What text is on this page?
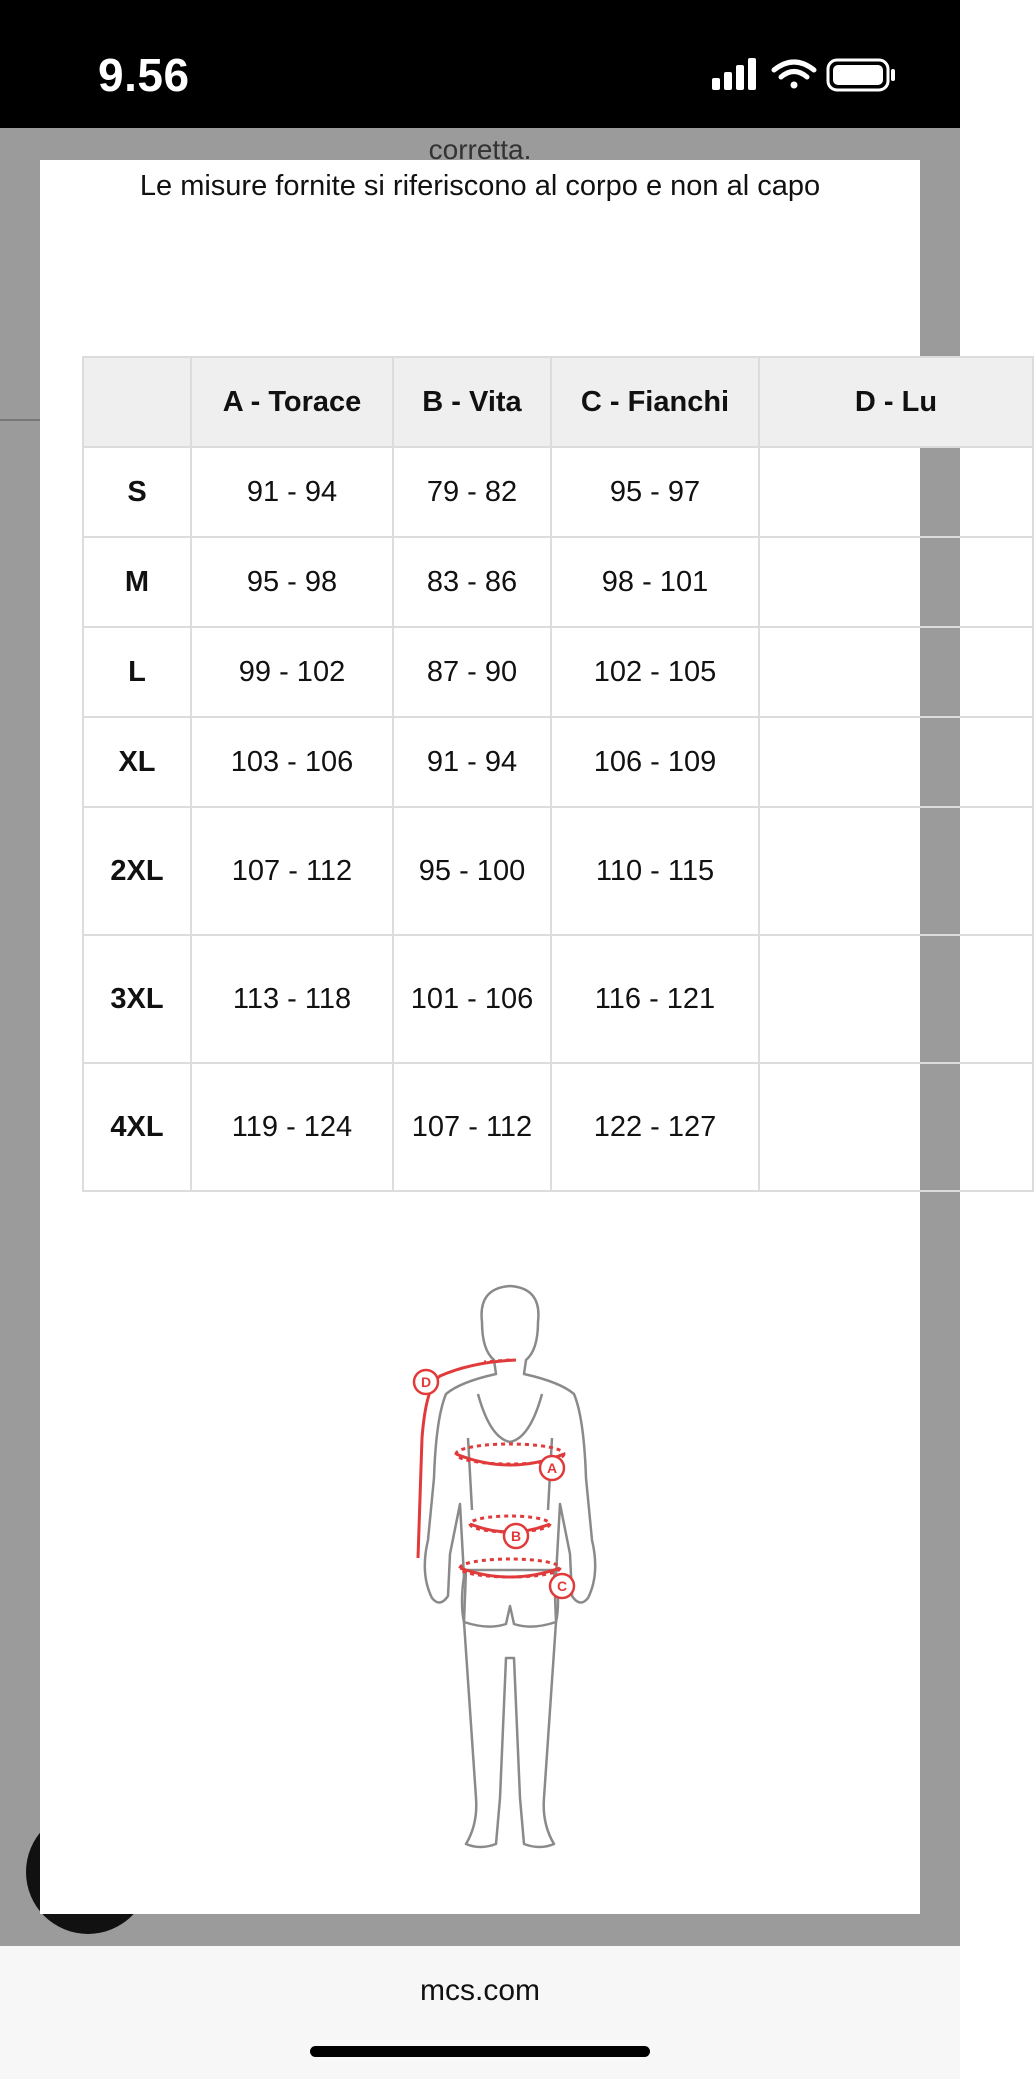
9.56
corretta.
Le misure fornite si riferiscono al corpo e non al capo
	A - Torace	B - Vita	C - Fianchi	D - Lu
S	91 - 94	79 - 82	95 - 97	
M	95 - 98	83 - 86	98 - 101	
L	99 - 102	87 - 90	102 - 105	
XL	103 - 106	91 - 94	106 - 109	
2XL	107 - 112	95 - 100	110 - 115	
3XL	113 - 118	101 - 106	116 - 121	
4XL	119 - 124	107 - 112	122 - 127	
A
B
C
D
mcs.com
